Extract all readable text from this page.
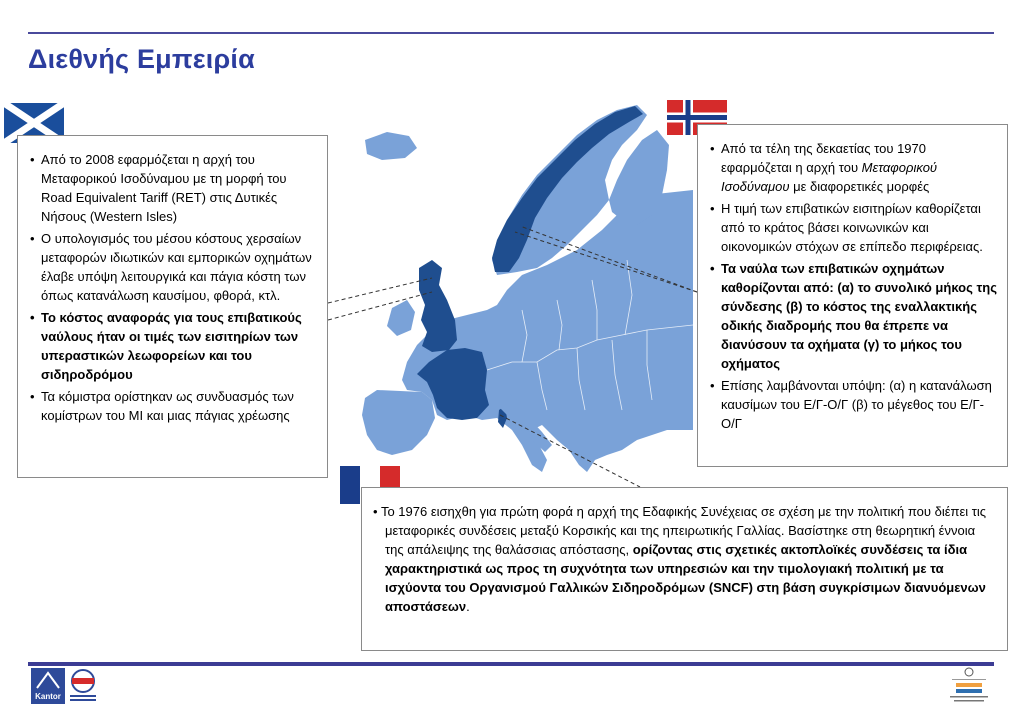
Διεθνής Εμπειρία
• Από το 2008 εφαρμόζεται η αρχή του Μεταφορικού Ισοδύναμου με τη μορφή του Road Equivalent Tariff (RET) στις Δυτικές Νήσους (Western Isles)
• Ο υπολογισμός του μέσου κόστους χερσαίων μεταφορών ιδιωτικών και εμπορικών οχημάτων έλαβε υπόψη λειτουργικά και πάγια κόστη των όπως κατανάλωση καυσίμου, φθορά, κτλ.
• Το κόστος αναφοράς για τους επιβατικούς ναύλους ήταν οι τιμές των εισιτηρίων των υπεραστικών λεωφορείων και του σιδηροδρόμου
• Τα κόμιστρα ορίστηκαν ως συνδυασμός των κομίστρων του MI και μιας πάγιας χρέωσης
• Από τα τέλη της δεκαετίας του 1970 εφαρμόζεται η αρχή του Μεταφορικού Ισοδύναμου με διαφορετικές μορφές
• Η τιμή των επιβατικών εισιτηρίων καθορίζεται από το κράτος βάσει κοινωνικών και οικονομικών στόχων σε επίπεδο περιφέρειας.
• Τα ναύλα των επιβατικών οχημάτων καθορίζονται από: (α) το συνολικό μήκος της σύνδεσης (β) το κόστος της εναλλακτικής οδικής διαδρομής που θα έπρεπε να διανύσουν τα οχήματα (γ) το μήκος του οχήματος
• Επίσης λαμβάνονται υπόψη: (α) η κατανάλωση καυσίμων του Ε/Γ-Ο/Γ (β) το μέγεθος του Ε/Γ-Ο/Γ

• Το 1976 εισηχθη για πρώτη φορά η αρχή της Εδαφικής Συνέχειας σε σχέση με την πολιτική που διέπει τις μεταφορικές συνδέσεις μεταξύ Κορσικής και της ηπειρωτικής Γαλλίας. Βασίστηκε στη θεωρητική έννοια της απάλειψης της θαλάσσιας απόστασης, ορίζοντας στις σχετικές ακτοπλοϊκές συνδέσεις τα ίδια χαρακτηριστικά ως προς τη συχνότητα των υπηρεσιών και την τιμολογιακή πολιτική με τα ισχύοντα του Οργανισμού Γαλλικών Σιδηροδρόμων (SNCF) στη βάση συγκρίσιμων διανυόμενων αποστάσεων.

Kantor
